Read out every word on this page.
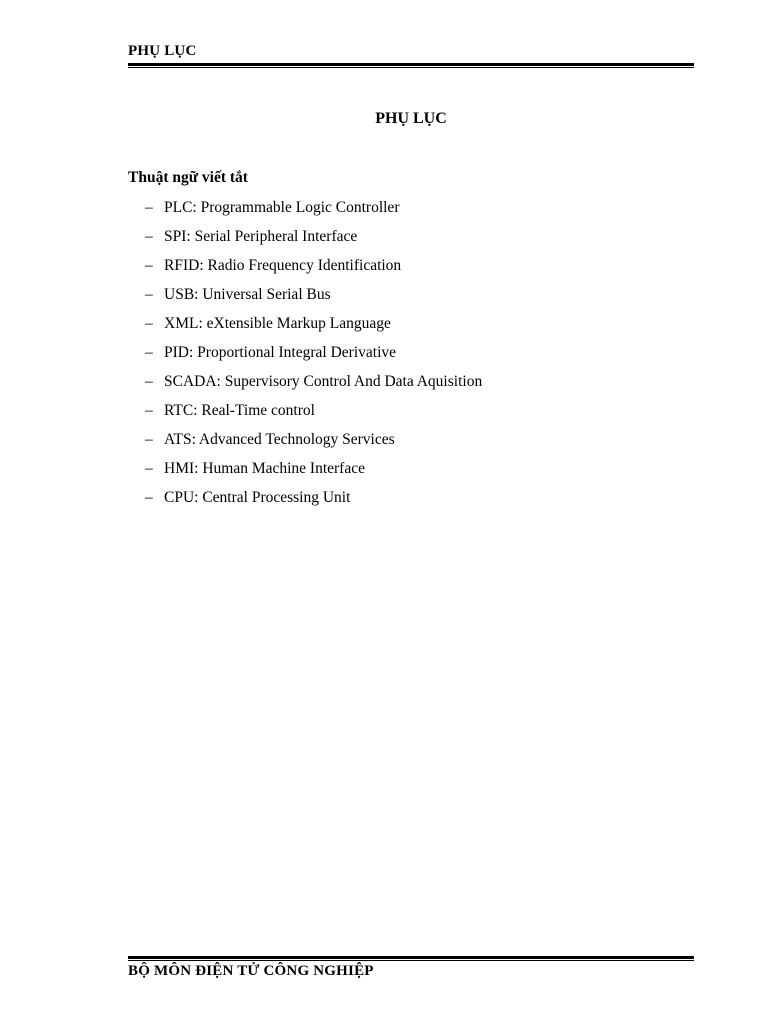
PHỤ LỤC
PHỤ LỤC
Thuật ngữ viết tắt
– PLC: Programmable Logic Controller
– SPI: Serial Peripheral Interface
– RFID: Radio Frequency Identification
– USB: Universal Serial Bus
– XML: eXtensible Markup Language
– PID: Proportional Integral Derivative
– SCADA: Supervisory Control And Data Aquisition
– RTC: Real-Time control
– ATS: Advanced Technology Services
– HMI: Human Machine Interface
– CPU: Central Processing Unit
BỘ MÔN ĐIỆN TỬ CÔNG NGHIỆP
